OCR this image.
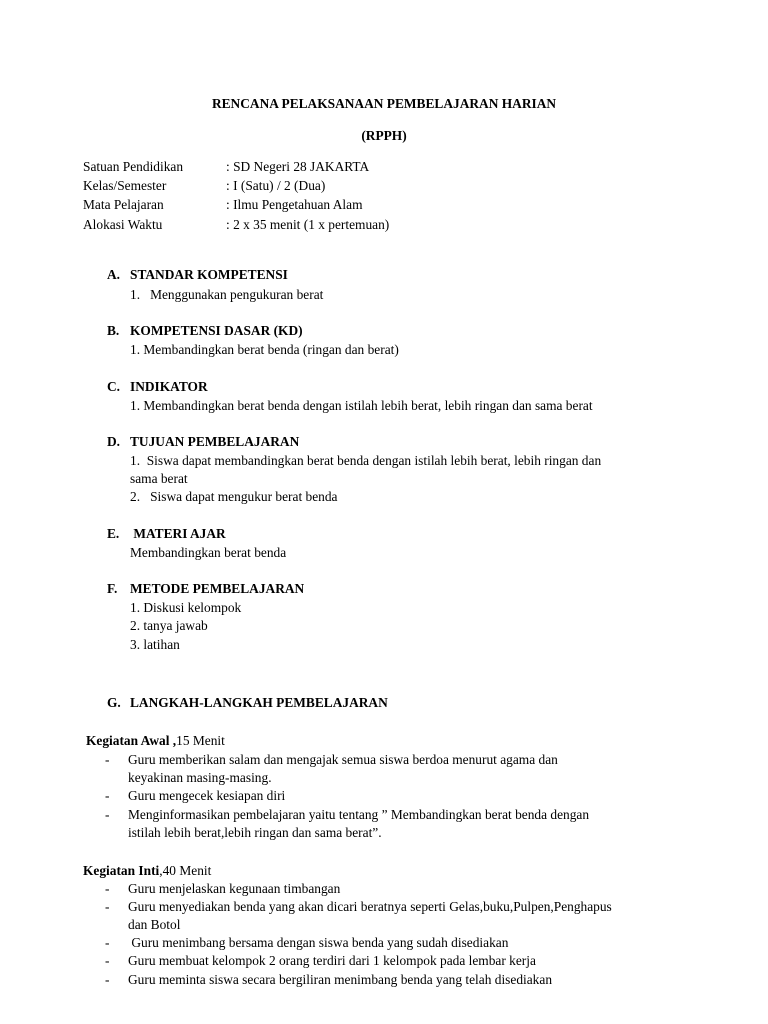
RENCANA PELAKSANAAN PEMBELAJARAN HARIAN
(RPPH)
Satuan Pendidikan	: SD Negeri 28 JAKARTA
Kelas/Semester	: I (Satu) / 2 (Dua)
Mata Pelajaran	: Ilmu Pengetahuan Alam
Alokasi Waktu	: 2 x 35 menit (1 x pertemuan)
A. STANDAR KOMPETENSI
1.   Menggunakan pengukuran berat
B. KOMPETENSI DASAR (KD)
1. Membandingkan berat benda (ringan dan berat)
C. INDIKATOR
1. Membandingkan berat benda dengan istilah lebih berat, lebih ringan dan sama berat
D. TUJUAN PEMBELAJARAN
1.  Siswa dapat membandingkan berat benda dengan istilah lebih berat, lebih ringan dan
sama berat
2.   Siswa dapat mengukur berat benda
E. MATERI AJAR
Membandingkan berat benda
F. METODE PEMBELAJARAN
1. Diskusi kelompok
2. tanya jawab
3. latihan
G. LANGKAH-LANGKAH PEMBELAJARAN
Kegiatan Awal ,15 Menit
- Guru memberikan salam dan mengajak semua siswa berdoa menurut agama dan
keyakinan masing-masing.
- Guru mengecek kesiapan diri
- Menginformasikan pembelajaran yaitu tentang ” Membandingkan berat benda dengan
istilah lebih berat,lebih ringan dan sama berat”.
Kegiatan Inti,40 Menit
- Guru menjelaskan kegunaan timbangan
- Guru menyediakan benda yang akan dicari beratnya seperti Gelas,buku,Pulpen,Penghapus
dan Botol
- Guru menimbang bersama dengan siswa benda yang sudah disediakan
- Guru membuat kelompok 2 orang terdiri dari 1 kelompok pada lembar kerja
- Guru meminta siswa secara bergiliran menimbang benda yang telah disediakan
